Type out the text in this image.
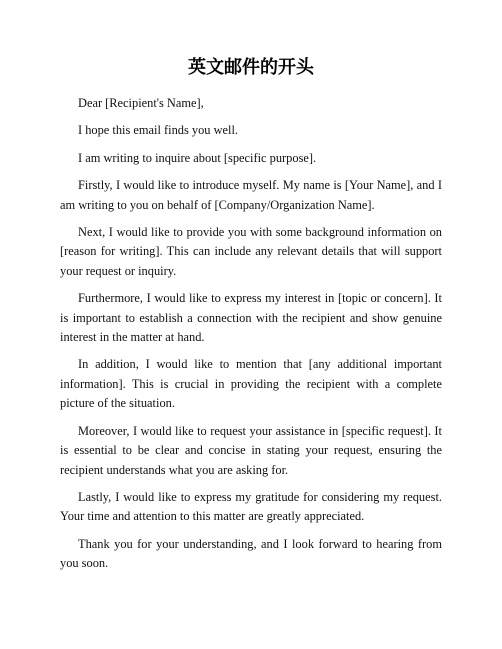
英文邮件的开头

Dear [Recipient's Name],

I hope this email finds you well.

I am writing to inquire about [specific purpose].

Firstly, I would like to introduce myself. My name is [Your Name], and I am writing to you on behalf of [Company/Organization Name].

Next, I would like to provide you with some background information on [reason for writing]. This can include any relevant details that will support your request or inquiry.

Furthermore, I would like to express my interest in [topic or concern]. It is important to establish a connection with the recipient and show genuine interest in the matter at hand.

In addition, I would like to mention that [any additional important information]. This is crucial in providing the recipient with a complete picture of the situation.

Moreover, I would like to request your assistance in [specific request]. It is essential to be clear and concise in stating your request, ensuring the recipient understands what you are asking for.

Lastly, I would like to express my gratitude for considering my request. Your time and attention to this matter are greatly appreciated.

Thank you for your understanding, and I look forward to hearing from you soon.
